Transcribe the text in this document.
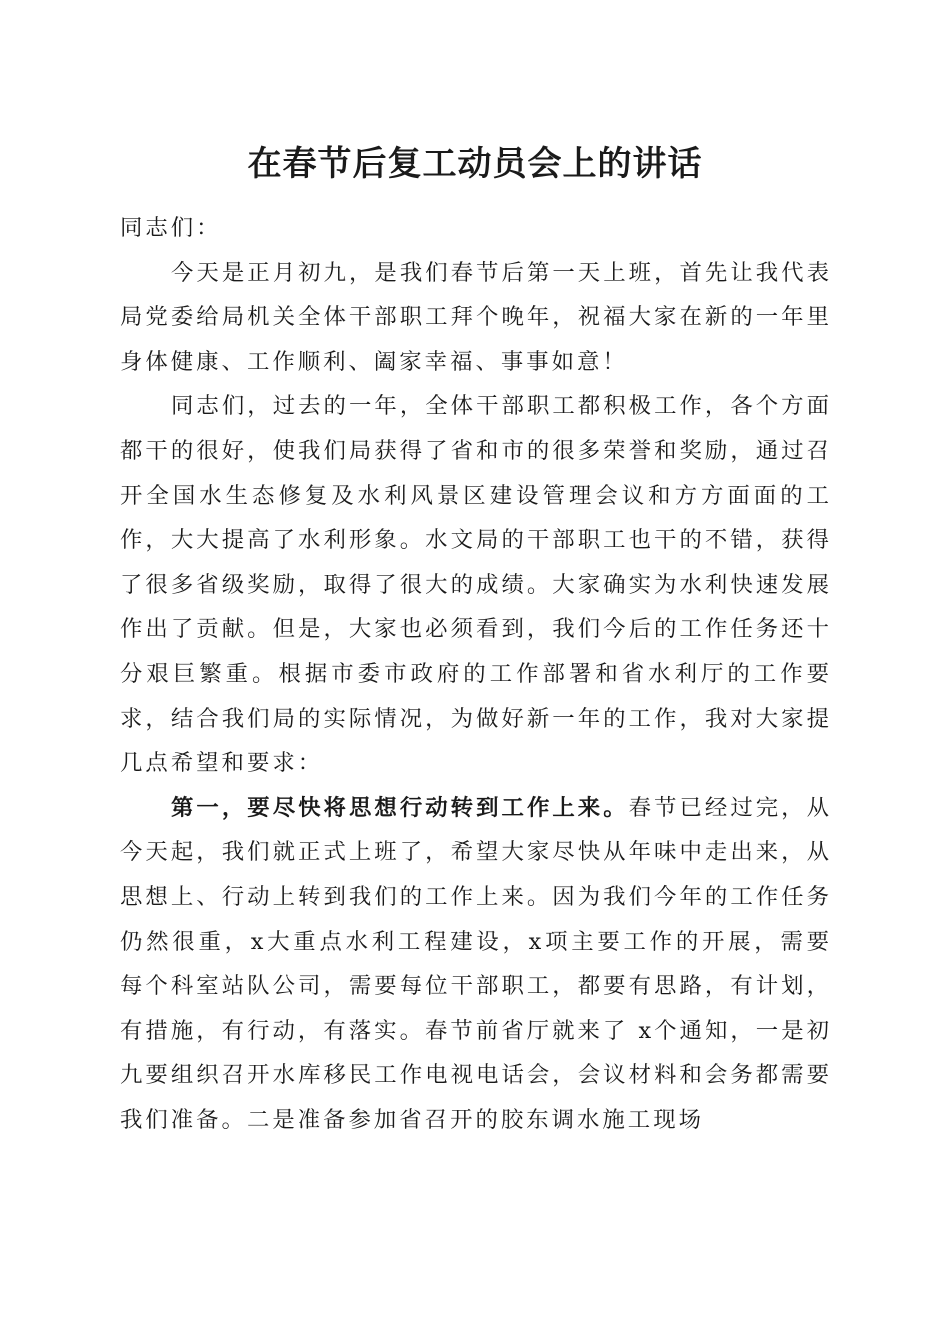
在春节后复工动员会上的讲话

同志们：

今天是正月初九，是我们春节后第一天上班，首先让我代表局党委给局机关全体干部职工拜个晚年，祝福大家在新的一年里身体健康、工作顺利、阖家幸福、事事如意！

同志们，过去的一年，全体干部职工都积极工作，各个方面都干的很好，使我们局获得了省和市的很多荣誉和奖励，通过召开全国水生态修复及水利风景区建设管理会议和方方面面的工作，大大提高了水利形象。水文局的干部职工也干的不错，获得了很多省级奖励，取得了很大的成绩。大家确实为水利快速发展作出了贡献。但是，大家也必须看到，我们今后的工作任务还十分艰巨繁重。根据市委市政府的工作部署和省水利厅的工作要求，结合我们局的实际情况，为做好新一年的工作，我对大家提几点希望和要求：

第一，要尽快将思想行动转到工作上来。春节已经过完，从今天起，我们就正式上班了，希望大家尽快从年味中走出来，从思想上、行动上转到我们的工作上来。因为我们今年的工作任务仍然很重，x大重点水利工程建设，x项主要工作的开展，需要每个科室站队公司，需要每位干部职工，都要有思路，有计划，有措施，有行动，有落实。春节前省厅就来了 x个通知，一是初九要组织召开水库移民工作电视电话会，会议材料和会务都需要我们准备。二是准备参加省召开的胶东调水施工现场
